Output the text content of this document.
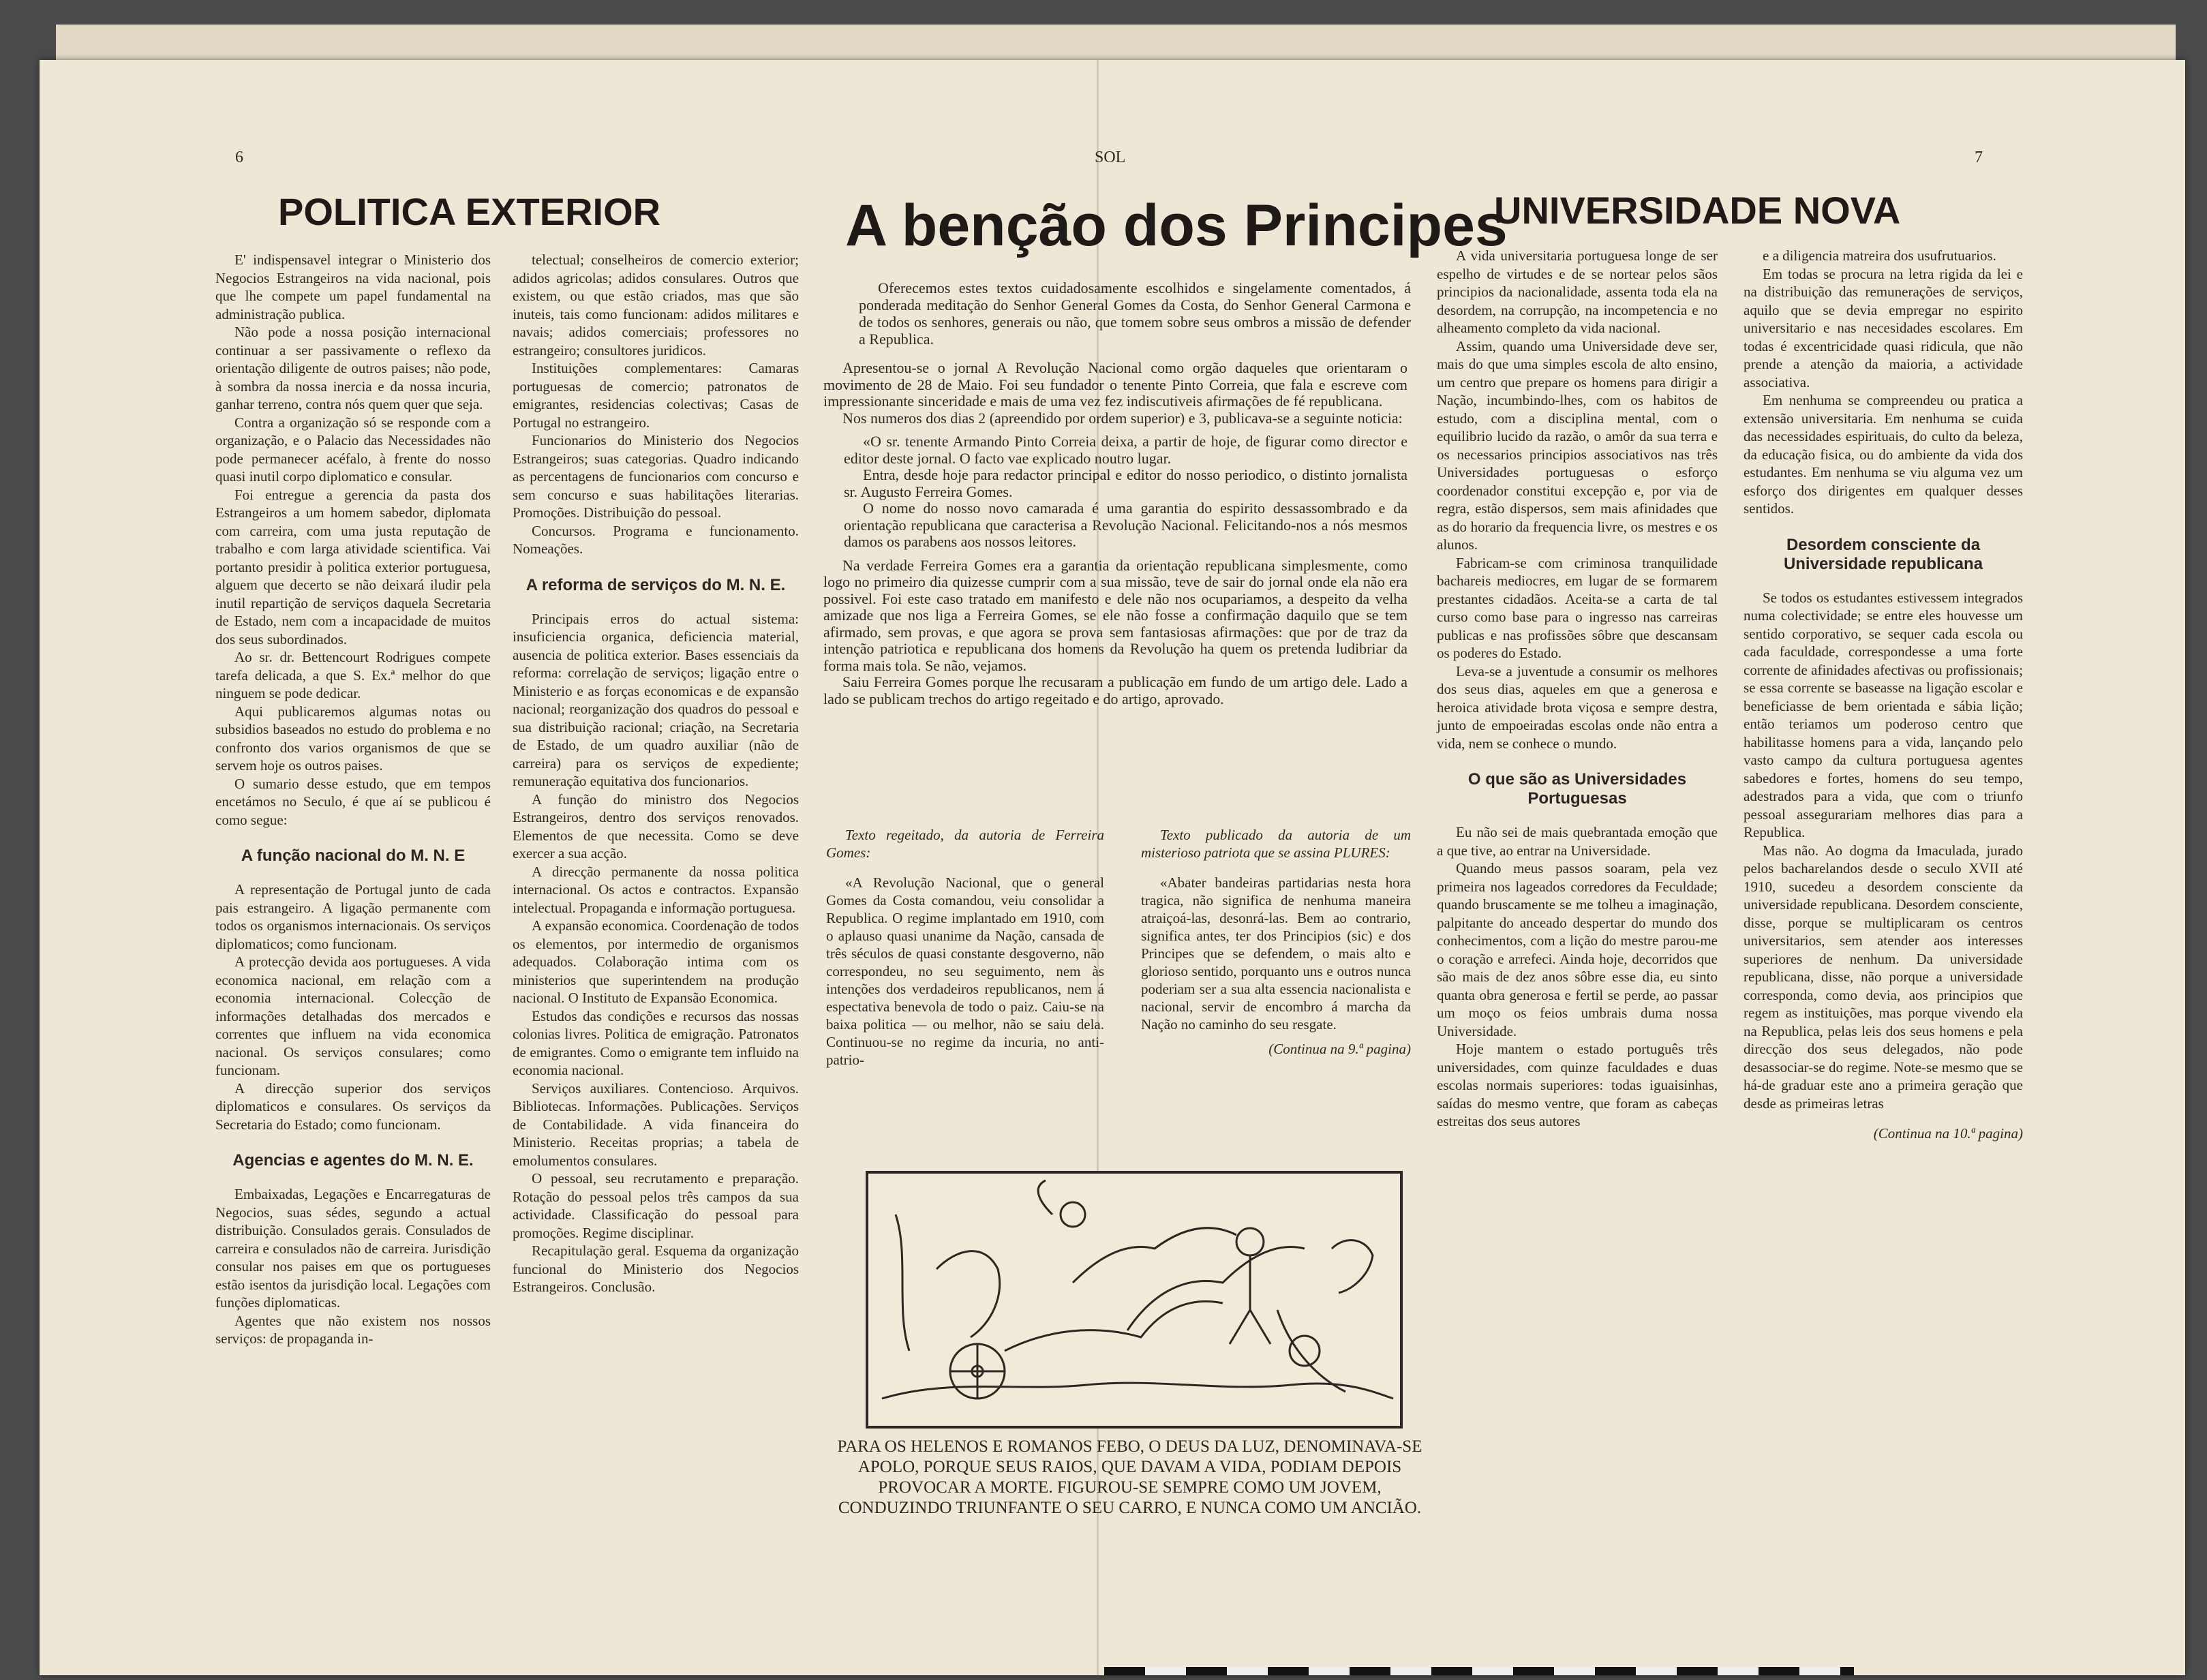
6	SOL	7
POLITICA EXTERIOR

E' indispensavel integrar o Ministerio dos Negocios Estrangeiros na vida nacional, pois que lhe compete um papel fundamental na administração publica.

Não pode a nossa posição internacional continuar a ser passivamente o reflexo da orientação diligente de outros paises; não pode, à sombra da nossa inercia e da nossa incuria, ganhar terreno, contra nós quem quer que seja.

Contra a organização só se responde com a organização, e o Palacio das Necessidades não pode permanecer acéfalo, à frente do nosso quasi inutil corpo diplomatico e consular.

Foi entregue a gerencia da pasta dos Estrangeiros a um homem sabedor, diplomata com carreira, com uma justa reputação de trabalho e com larga atividade scientifica. Vai portanto presidir à politica exterior portuguesa, alguem que decerto se não deixará iludir pela inutil repartição de serviços daquela Secretaria de Estado, nem com a incapacidade de muitos dos seus subordinados.

Ao sr. dr. Bettencourt Rodrigues compete tarefa delicada, a que S. Ex.ª melhor do que ninguem se pode dedicar.

Aqui publicaremos algumas notas ou subsidios baseados no estudo do problema e no confronto dos varios organismos de que se servem hoje os outros paises.

O sumario desse estudo, que em tempos encetámos no Seculo, é que aí se publicou é como segue:

A função nacional do M. N. E

A representação de Portugal junto de cada pais estrangeiro. A ligação permanente com todos os organismos internacionais. Os serviços diplomaticos; como funcionam.

A protecção devida aos portugueses. A vida economica nacional, em relação com a economia internacional. Colecção de informações detalhadas dos mercados e correntes que influem na vida economica nacional. Os serviços consulares; como funcionam.

A direcção superior dos serviços diplomaticos e consulares. Os serviços da Secretaria do Estado; como funcionam.

Agencias e agentes do M. N. E.

Embaixadas, Legações e Encarregaturas de Negocios, suas sédes, segundo a actual distribuição. Consulados gerais. Consulados de carreira e consulados não de carreira. Jurisdição consular nos paises em que os portugueses estão isentos da jurisdição local. Legações com funções diplomaticas.

Agentes que não existem nos nossos serviços: de propaganda in-

telectual; conselheiros de comercio exterior; adidos agricolas; adidos consulares. Outros que existem, ou que estão criados, mas que são inuteis, tais como funcionam: adidos militares e navais; adidos comerciais; professores no estrangeiro; consultores juridicos.

Instituições complementares: Camaras portuguesas de comercio; patronatos de emigrantes, residencias colectivas; Casas de Portugal no estrangeiro.

Funcionarios do Ministerio dos Negocios Estrangeiros; suas categorias. Quadro indicando as percentagens de funcionarios com concurso e sem concurso e suas habilitações literarias. Promoções. Distribuição do pessoal.

Concursos. Programa e funcionamento. Nomeações.

A reforma de serviços do M. N. E.

Principais erros do actual sistema: insuficiencia organica, deficiencia material, ausencia de politica exterior. Bases essenciais da reforma: correlação de serviços; ligação entre o Ministerio e as forças economicas e de expansão nacional; reorganização dos quadros do pessoal e sua distribuição racional; criação, na Secretaria de Estado, de um quadro auxiliar (não de carreira) para os serviços de expediente; remuneração equitativa dos funcionarios.

A função do ministro dos Negocios Estrangeiros, dentro dos serviços renovados. Elementos de que necessita. Como se deve exercer a sua acção.

A direcção permanente da nossa politica internacional. Os actos e contractos. Expansão intelectual. Propaganda e informação portuguesa.

A expansão economica. Coordenação de todos os elementos, por intermedio de organismos adequados. Colaboração intima com os ministerios que superintendem na produção nacional. O Instituto de Expansão Economica.

Estudos das condições e recursos das nossas colonias livres. Politica de emigração. Patronatos de emigrantes. Como o emigrante tem influido na economia nacional.

Serviços auxiliares. Contencioso. Arquivos. Bibliotecas. Informações. Publicações. Serviços de Contabilidade. A vida financeira do Ministerio. Receitas proprias; a tabela de emolumentos consulares.

O pessoal, seu recrutamento e preparação. Rotação do pessoal pelos três campos da sua actividade. Classificação do pessoal para promoções. Regime disciplinar.

Recapitulação geral. Esquema da organização funcional do Ministerio dos Negocios Estrangeiros. Conclusão.

A benção dos Principes

Oferecemos estes textos cuidadosamente escolhidos e singelamente comentados, á ponderada meditação do Senhor General Gomes da Costa, do Senhor General Carmona e de todos os senhores, generais ou não, que tomem sobre seus ombros a missão de defender a Republica.

Apresentou-se o jornal A Revolução Nacional como orgão daqueles que orientaram o movimento de 28 de Maio. Foi seu fundador o tenente Pinto Correia, que fala e escreve com impressionante sinceridade e mais de uma vez fez indiscutiveis afirmações de fé republicana.

Nos numeros dos dias 2 (apreendido por ordem superior) e 3, publicava-se a seguinte noticia:

«O sr. tenente Armando Pinto Correia deixa, a partir de hoje, de figurar como director e editor deste jornal. O facto vae explicado noutro lugar.

Entra, desde hoje para redactor principal e editor do nosso periodico, o distinto jornalista sr. Augusto Ferreira Gomes.

O nome do nosso novo camarada é uma garantia do espirito dessassombrado e da orientação republicana que caracterisa a Revolução Nacional. Felicitando-nos a nós mesmos damos os parabens aos nossos leitores.

Na verdade Ferreira Gomes era a garantia da orientação republicana simplesmente, como logo no primeiro dia quizesse cumprir com a sua missão, teve de sair do jornal onde ela não era possivel. Foi este caso tratado em manifesto e dele não nos ocupariamos, a despeito da velha amizade que nos liga a Ferreira Gomes, se ele não fosse a confirmação daquilo que se tem afirmado, sem provas, e que agora se prova sem fantasiosas afirmações: que por de traz da intenção patriotica e republicana dos homens da Revolução ha quem os pretenda ludibriar da forma mais tola. Se não, vejamos.

Saiu Ferreira Gomes porque lhe recusaram a publicação em fundo de um artigo dele. Lado a lado se publicam trechos do artigo regeitado e do artigo, aprovado.

Texto regeitado, da autoria de Ferreira Gomes:

«A Revolução Nacional, que o general Gomes da Costa comandou, veiu consolidar a Republica. O regime implantado em 1910, com o aplauso quasi unanime da Nação, cansada de três séculos de quasi constante desgoverno, não correspondeu, no seu seguimento, nem às intenções dos verdadeiros republicanos, nem á espectativa benevola de todo o paiz. Caiu-se na baixa politica — ou melhor, não se saiu dela. Continuou-se no regime da incuria, no anti-patrio-

Texto publicado da autoria de um misterioso patriota que se assina PLURES:

«Abater bandeiras partidarias nesta hora tragica, não significa de nenhuma maneira atraiçoá-las, desonrá-las. Bem ao contrario, significa antes, ter dos Principios (sic) e dos Principes que se defendem, o mais alto e glorioso sentido, porquanto uns e outros nunca poderiam ser a sua alta essencia nacionalista e nacional, servir de encombro á marcha da Nação no caminho do seu resgate.

(Continua na 9.ª pagina)

PARA OS HELENOS E ROMANOS FEBO, O DEUS DA LUZ, DENOMINAVA-SE APOLO, PORQUE SEUS RAIOS, QUE DAVAM A VIDA, PODIAM DEPOIS PROVOCAR A MORTE. FIGUROU-SE SEMPRE COMO UM JOVEM, CONDUZINDO TRIUNFANTE O SEU CARRO, E NUNCA COMO UM ANCIÃO.
UNIVERSIDADE NOVA

A vida universitaria portuguesa longe de ser espelho de virtudes e de se nortear pelos sãos principios da nacionalidade, assenta toda ela na desordem, na corrupção, na incompetencia e no alheamento completo da vida nacional.

Assim, quando uma Universidade deve ser, mais do que uma simples escola de alto ensino, um centro que prepare os homens para dirigir a Nação, incumbindo-lhes, com os habitos de estudo, com a disciplina mental, com o equilibrio lucido da razão, o amôr da sua terra e os necessarios principios associativos nas três Universidades portuguesas o esforço coordenador constitui excepção e, por via de regra, estão dispersos, sem mais afinidades que as do horario da frequencia livre, os mestres e os alunos.

Fabricam-se com criminosa tranquilidade bachareis mediocres, em lugar de se formarem prestantes cidadãos. Aceita-se a carta de tal curso como base para o ingresso nas carreiras publicas e nas profissões sôbre que descansam os poderes do Estado.

Leva-se a juventude a consumir os melhores dos seus dias, aqueles em que a generosa e heroica atividade brota viçosa e sempre destra, junto de empoeiradas escolas onde não entra a vida, nem se conhece o mundo.

O que são as Universidades Portuguesas

Eu não sei de mais quebrantada emoção que a que tive, ao entrar na Universidade.

Quando meus passos soaram, pela vez primeira nos lageados corredores da Feculdade; quando bruscamente se me tolheu a imaginação, palpitante do anceado despertar do mundo dos conhecimentos, com a lição do mestre parou-me o coração e arrefeci. Ainda hoje, decorridos que são mais de dez anos sôbre esse dia, eu sinto quanta obra generosa e fertil se perde, ao passar um moço os feios umbrais duma nossa Universidade.

Hoje mantem o estado português três universidades, com quinze faculdades e duas escolas normais superiores: todas iguaisinhas, saídas do mesmo ventre, que foram as cabeças estreitas dos seus autores

e a diligencia matreira dos usufrutuarios.

Em todas se procura na letra rigida da lei e na distribuição das remunerações de serviços, aquilo que se devia empregar no espirito universitario e nas necesidades escolares. Em todas é excentricidade quasi ridicula, que não prende a atenção da maioria, a actividade associativa.

Em nenhuma se compreendeu ou pratica a extensão universitaria. Em nenhuma se cuida das necessidades espirituais, do culto da beleza, da educação fisica, ou do ambiente da vida dos estudantes. Em nenhuma se viu alguma vez um esforço dos dirigentes em qualquer desses sentidos.

Desordem consciente da Universidade republicana

Se todos os estudantes estivessem integrados numa colectividade; se entre eles houvesse um sentido corporativo, se sequer cada escola ou cada faculdade, correspondesse a uma forte corrente de afinidades afectivas ou profissionais; se essa corrente se baseasse na ligação escolar e beneficiasse de bem orientada e sábia lição; então teriamos um poderoso centro que habilitasse homens para a vida, lançando pelo vasto campo da cultura portuguesa agentes sabedores e fortes, homens do seu tempo, adestrados para a vida, que com o triunfo pessoal assegurariam melhores dias para a Republica.

Mas não. Ao dogma da Imaculada, jurado pelos bacharelandos desde o seculo XVII até 1910, sucedeu a desordem consciente da universidade republicana. Desordem consciente, disse, porque se multiplicaram os centros universitarios, sem atender aos interesses superiores de nenhum. Da universidade republicana, disse, não porque a universidade corresponda, como devia, aos principios que regem as instituições, mas porque vivendo ela na Republica, pelas leis dos seus homens e pela direcção dos seus delegados, não pode desassociar-se do regime. Note-se mesmo que se há-de graduar este ano a primeira geração que desde as primeiras letras

(Continua na 10.ª pagina)
